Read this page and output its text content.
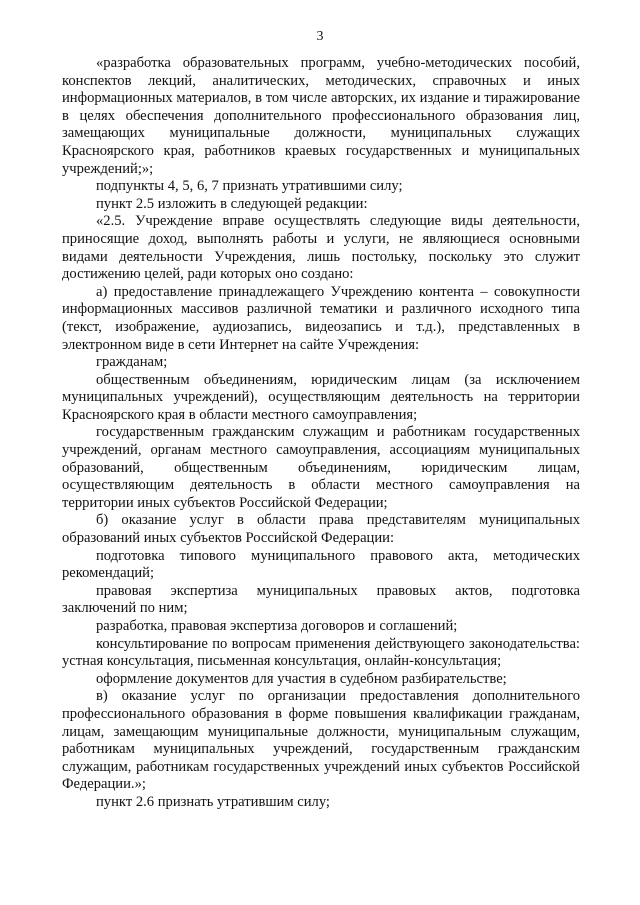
3

«разработка образовательных программ, учебно-методических пособий, конспектов лекций, аналитических, методических, справочных и иных информационных материалов, в том числе авторских, их издание и тиражирование в целях обеспечения дополнительного профессионального образования лиц, замещающих муниципальные должности, муниципальных служащих Красноярского края, работников краевых государственных и муниципальных учреждений;»;

подпункты 4, 5, 6, 7 признать утратившими силу;

пункт 2.5 изложить в следующей редакции:

«2.5. Учреждение вправе осуществлять следующие виды деятельности, приносящие доход, выполнять работы и услуги, не являющиеся основными видами деятельности Учреждения, лишь постольку, поскольку это служит достижению целей, ради которых оно создано:

а) предоставление принадлежащего Учреждению контента – совокупности информационных массивов различной тематики и различного исходного типа (текст, изображение, аудиозапись, видеозапись и т.д.), представленных в электронном виде в сети Интернет на сайте Учреждения:

гражданам;

общественным объединениям, юридическим лицам (за исключением муниципальных учреждений), осуществляющим деятельность на территории Красноярского края в области местного самоуправления;

государственным гражданским служащим и работникам государственных учреждений, органам местного самоуправления, ассоциациям муниципальных образований, общественным объединениям, юридическим лицам, осуществляющим деятельность в области местного самоуправления на территории иных субъектов Российской Федерации;

б) оказание услуг в области права представителям муниципальных образований иных субъектов Российской Федерации:

подготовка типового муниципального правового акта, методических рекомендаций;

правовая экспертиза муниципальных правовых актов, подготовка заключений по ним;

разработка, правовая экспертиза договоров и соглашений;

консультирование по вопросам применения действующего законодательства: устная консультация, письменная консультация, онлайн-консультация;

оформление документов для участия в судебном разбирательстве;

в) оказание услуг по организации предоставления дополнительного профессионального образования в форме повышения квалификации гражданам, лицам, замещающим муниципальные должности, муниципальным служащим, работникам муниципальных учреждений, государственным гражданским служащим, работникам государственных учреждений иных субъектов Российской Федерации.»;

пункт 2.6 признать утратившим силу;
